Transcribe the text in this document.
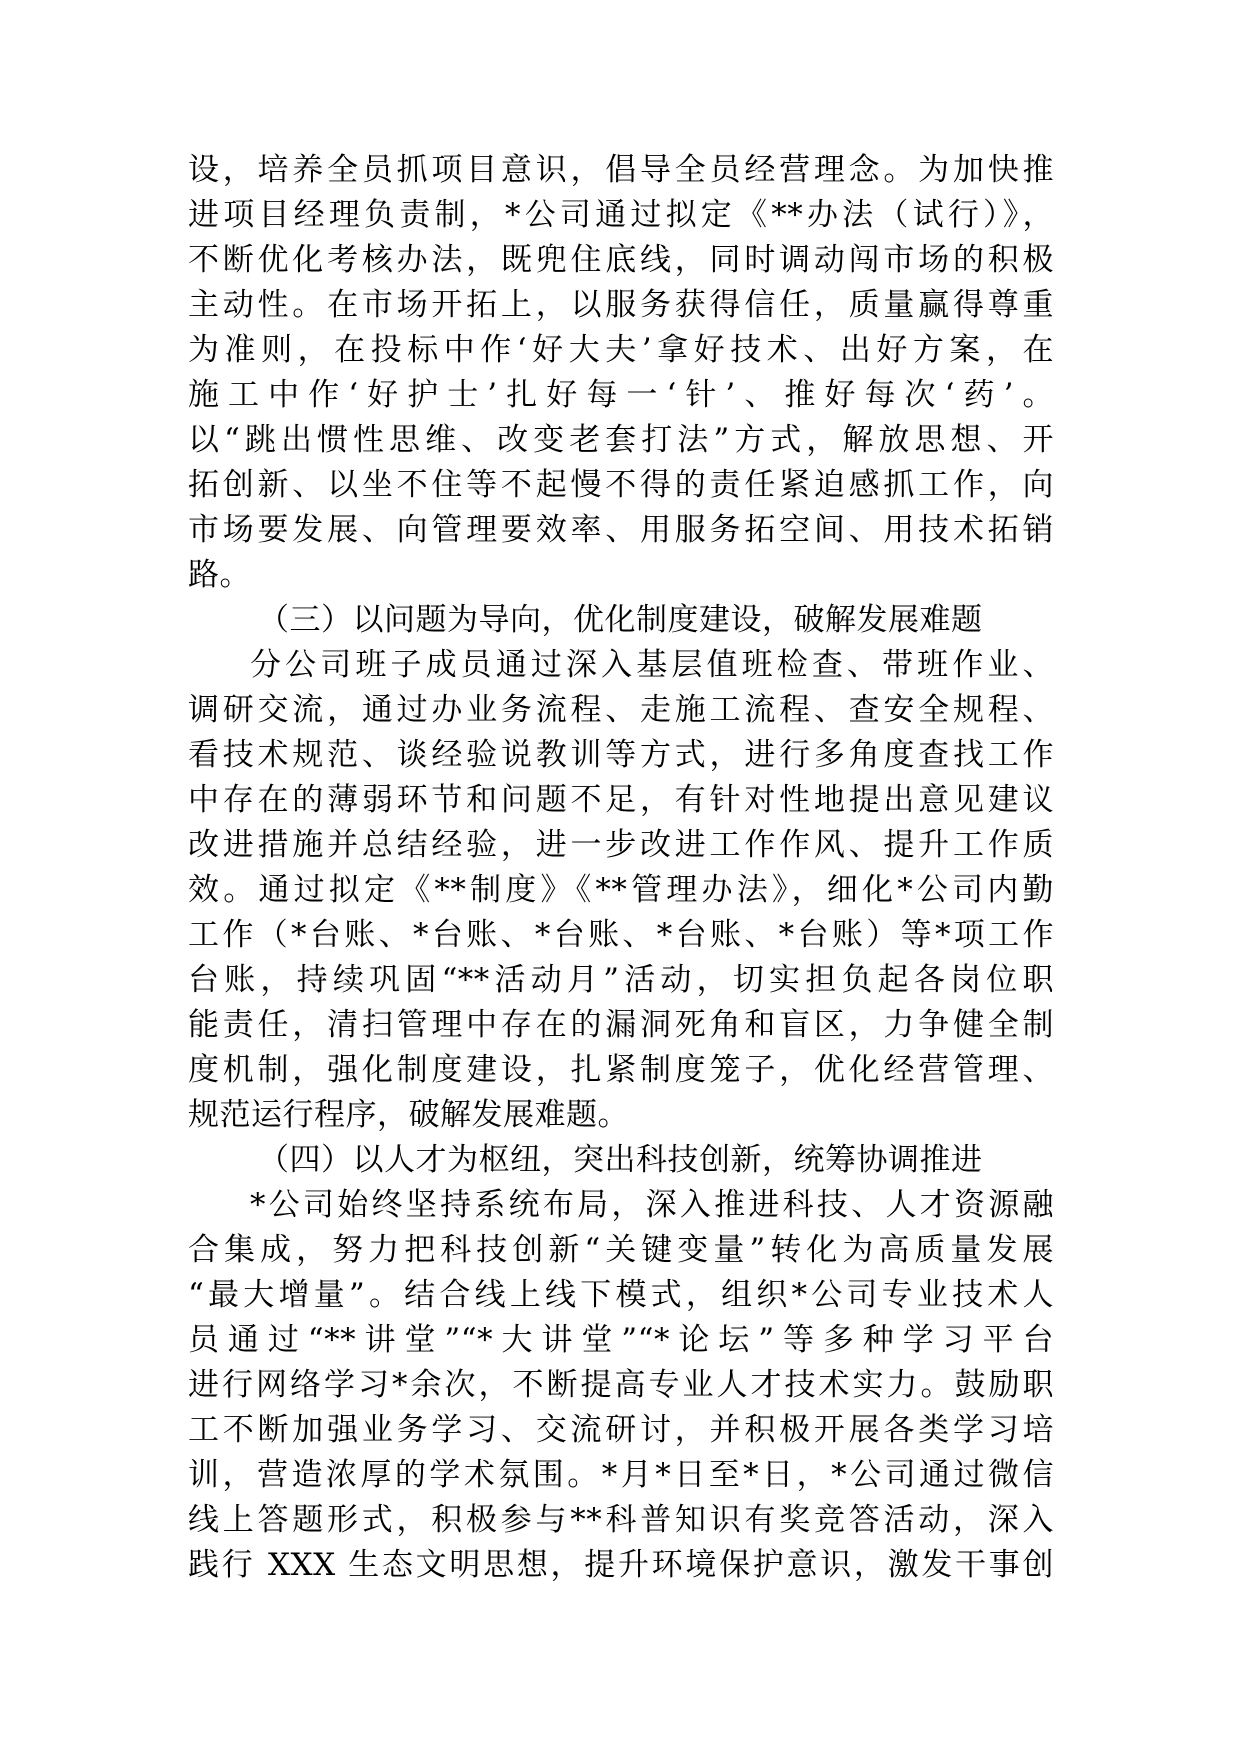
设，培养全员抓项目意识，倡导全员经营理念。为加快推
进项目经理负责制，*公司通过拟定《**办法（试行）》，
不断优化考核办法，既兜住底线，同时调动闯市场的积极
主动性。在市场开拓上，以服务获得信任，质量赢得尊重
为准则，在投标中作‘好大夫’拿好技术、出好方案，在
施工中作‘好护士’扎好每一‘针’、推好每次‘药’。
以“跳出惯性思维、改变老套打法”方式，解放思想、开
拓创新、以坐不住等不起慢不得的责任紧迫感抓工作，向
市场要发展、向管理要效率、用服务拓空间、用技术拓销
路。
（三）以问题为导向，优化制度建设，破解发展难题
分公司班子成员通过深入基层值班检查、带班作业、
调研交流，通过办业务流程、走施工流程、查安全规程、
看技术规范、谈经验说教训等方式，进行多角度查找工作
中存在的薄弱环节和问题不足，有针对性地提出意见建议
改进措施并总结经验，进一步改进工作作风、提升工作质
效。通过拟定《**制度》《**管理办法》，细化*公司内勤
工作（*台账、*台账、*台账、*台账、*台账）等*项工作
台账，持续巩固“**活动月”活动，切实担负起各岗位职
能责任，清扫管理中存在的漏洞死角和盲区，力争健全制
度机制，强化制度建设，扎紧制度笼子，优化经营管理、
规范运行程序，破解发展难题。
（四）以人才为枢纽，突出科技创新，统筹协调推进
*公司始终坚持系统布局，深入推进科技、人才资源融
合集成，努力把科技创新“关键变量”转化为高质量发展
“最大增量”。结合线上线下模式，组织*公司专业技术人
员通过“**讲堂”“*大讲堂”“*论坛”等多种学习平台
进行网络学习*余次，不断提高专业人才技术实力。鼓励职
工不断加强业务学习、交流研讨，并积极开展各类学习培
训，营造浓厚的学术氛围。*月*日至*日，*公司通过微信
线上答题形式，积极参与**科普知识有奖竞答活动，深入
践行 XXX 生态文明思想，提升环境保护意识，激发干事创
